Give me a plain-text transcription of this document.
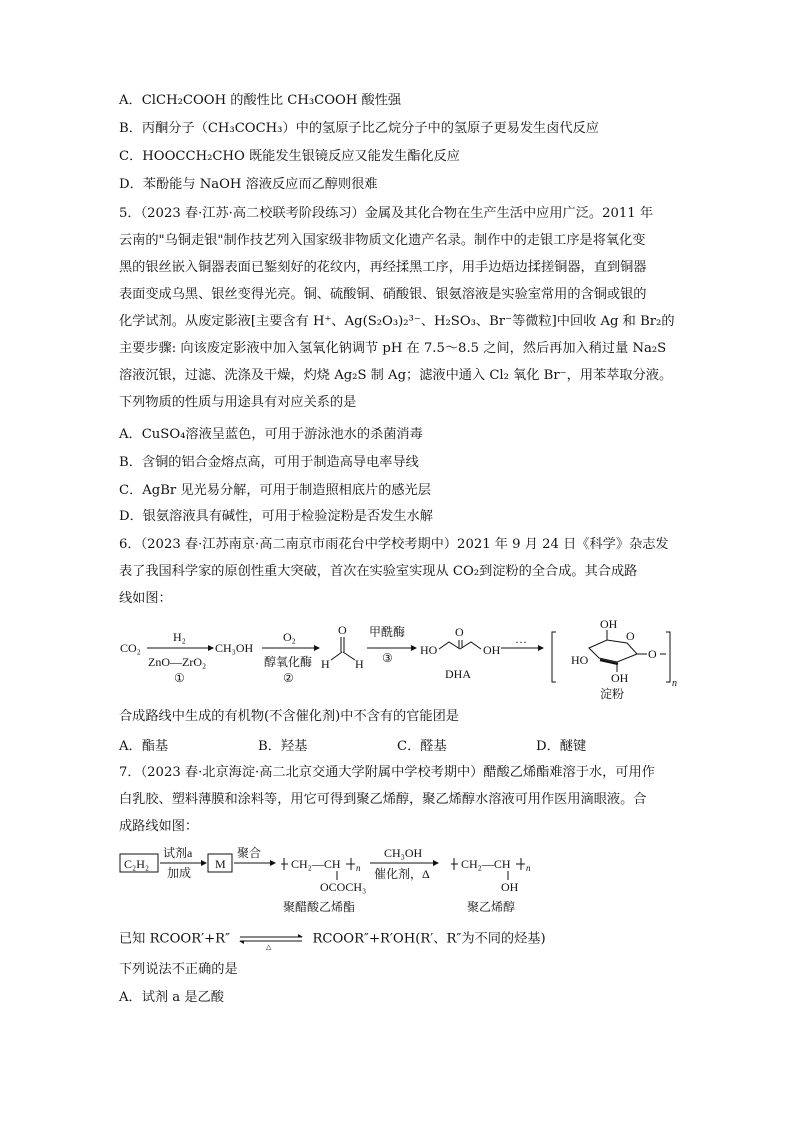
A．ClCH₂COOH 的酸性比 CH₃COOH 酸性强
B．丙酮分子（CH₃COCH₃）中的氢原子比乙烷分子中的氢原子更易发生卤代反应
C．HOOCCH₂CHO 既能发生银镜反应又能发生酯化反应
D．苯酚能与 NaOH 溶液反应而乙醇则很难
5．（2023 春·江苏·高二校联考阶段练习）金属及其化合物在生产生活中应用广泛。2011 年
云南的"乌铜走银"制作技艺列入国家级非物质文化遗产名录。制作中的走银工序是将氧化变
黑的银丝嵌入铜器表面已錾刻好的花纹内，再经揉黑工序，用手边焐边揉搓铜器，直到铜器
表面变成乌黑、银丝变得光亮。铜、硫酸铜、硝酸银、银氨溶液是实验室常用的含铜或银的
化学试剂。从废定影液[主要含有 H⁺、Ag(S₂O₃)₂³⁻、H₂SO₃、Br⁻等微粒]中回收 Ag 和 Br₂的
主要步骤: 向该废定影液中加入氢氧化钠调节 pH 在 7.5～8.5 之间，然后再加入稍过量 Na₂S
溶液沉银，过滤、洗涤及干燥，灼烧 Ag₂S 制 Ag；滤液中通入 Cl₂ 氧化 Br⁻，用苯萃取分液。
下列物质的性质与用途具有对应关系的是
A．CuSO₄溶液呈蓝色，可用于游泳池水的杀菌消毒
B．含铜的铝合金熔点高，可用于制造高导电率导线
C．AgBr 见光易分解，可用于制造照相底片的感光层
D．银氨溶液具有碱性，可用于检验淀粉是否发生水解
6．（2023 春·江苏南京·高二南京市雨花台中学校考期中）2021 年 9 月 24 日《科学》杂志发
表了我国科学家的原创性重大突破，首次在实验室实现从 CO₂到淀粉的全合成。其合成路
线如图：
CO₂
H₂
ZnO—ZrO₂
①
CH₃OH
O₂
醇氧化酶
②
O
H H
甲酰酶
③
HO
O
OH
DHA
···
OH
HO
O
OH
O
n
淀粉
合成路线中生成的有机物(不含催化剂)中不含有的官能团是
A．酯基	B．羟基	C．醛基	D．醚键
7．（2023 春·北京海淀·高二北京交通大学附属中学校考期中）醋酸乙烯酯难溶于水，可用作
白乳胶、塑料薄膜和涂料等，用它可得到聚乙烯醇，聚乙烯醇水溶液可用作医用滴眼液。合
成路线如图：
C₂H₂
试剂a
加成
M
聚合
CH₂—CH n
OCOCH₃
聚醋酸乙烯酯
CH₃OH
催化剂，Δ
CH₂—CH n
OH
聚乙烯醇
已知 RCOOR′+R″
△
RCOOR″+R′OH(R′、R″为不同的烃基)
下列说法不正确的是
A．试剂 a 是乙酸
